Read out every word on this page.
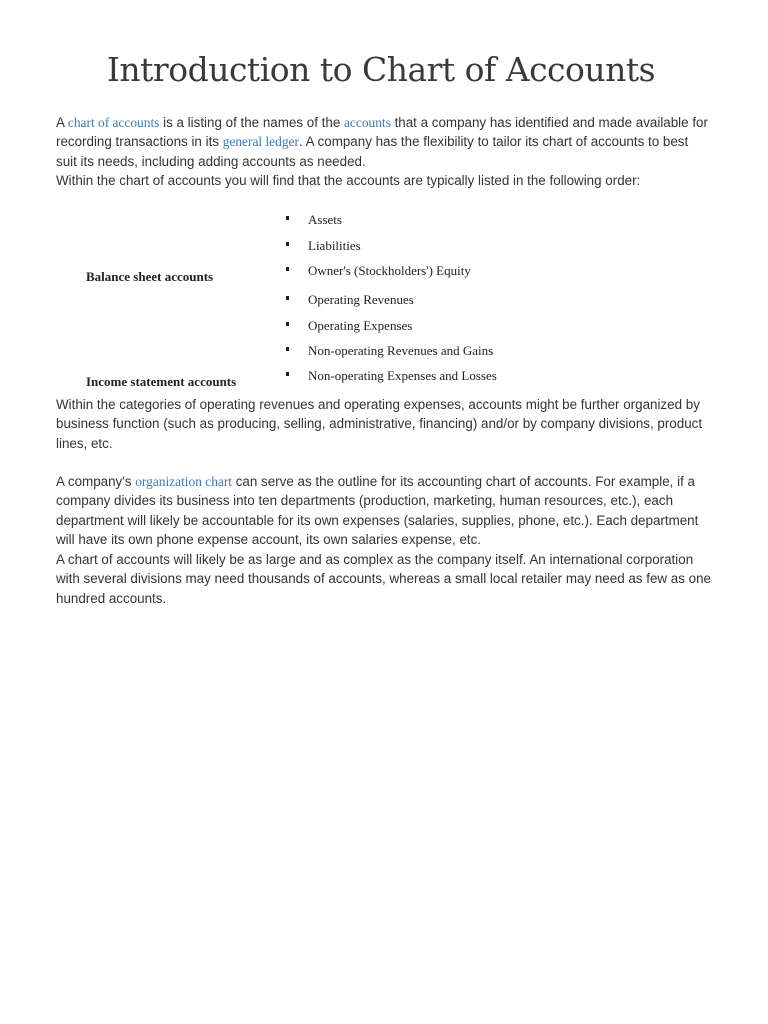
Introduction to Chart of Accounts

A chart of accounts is a listing of the names of the accounts that a company has identified and made available for recording transactions in its general ledger. A company has the flexibility to tailor its chart of accounts to best suit its needs, including adding accounts as needed.

Within the chart of accounts you will find that the accounts are typically listed in the following order:

Balance sheet accounts
Income statement accounts
Assets
Liabilities
Owner's (Stockholders') Equity
Operating Revenues
Operating Expenses
Non-operating Revenues and Gains
Non-operating Expenses and Losses

Within the categories of operating revenues and operating expenses, accounts might be further organized by business function (such as producing, selling, administrative, financing) and/or by company divisions, product lines, etc.

A company's organization chart can serve as the outline for its accounting chart of accounts. For example, if a company divides its business into ten departments (production, marketing, human resources, etc.), each department will likely be accountable for its own expenses (salaries, supplies, phone, etc.). Each department will have its own phone expense account, its own salaries expense, etc.

A chart of accounts will likely be as large and as complex as the company itself. An international corporation with several divisions may need thousands of accounts, whereas a small local retailer may need as few as one hundred accounts.
